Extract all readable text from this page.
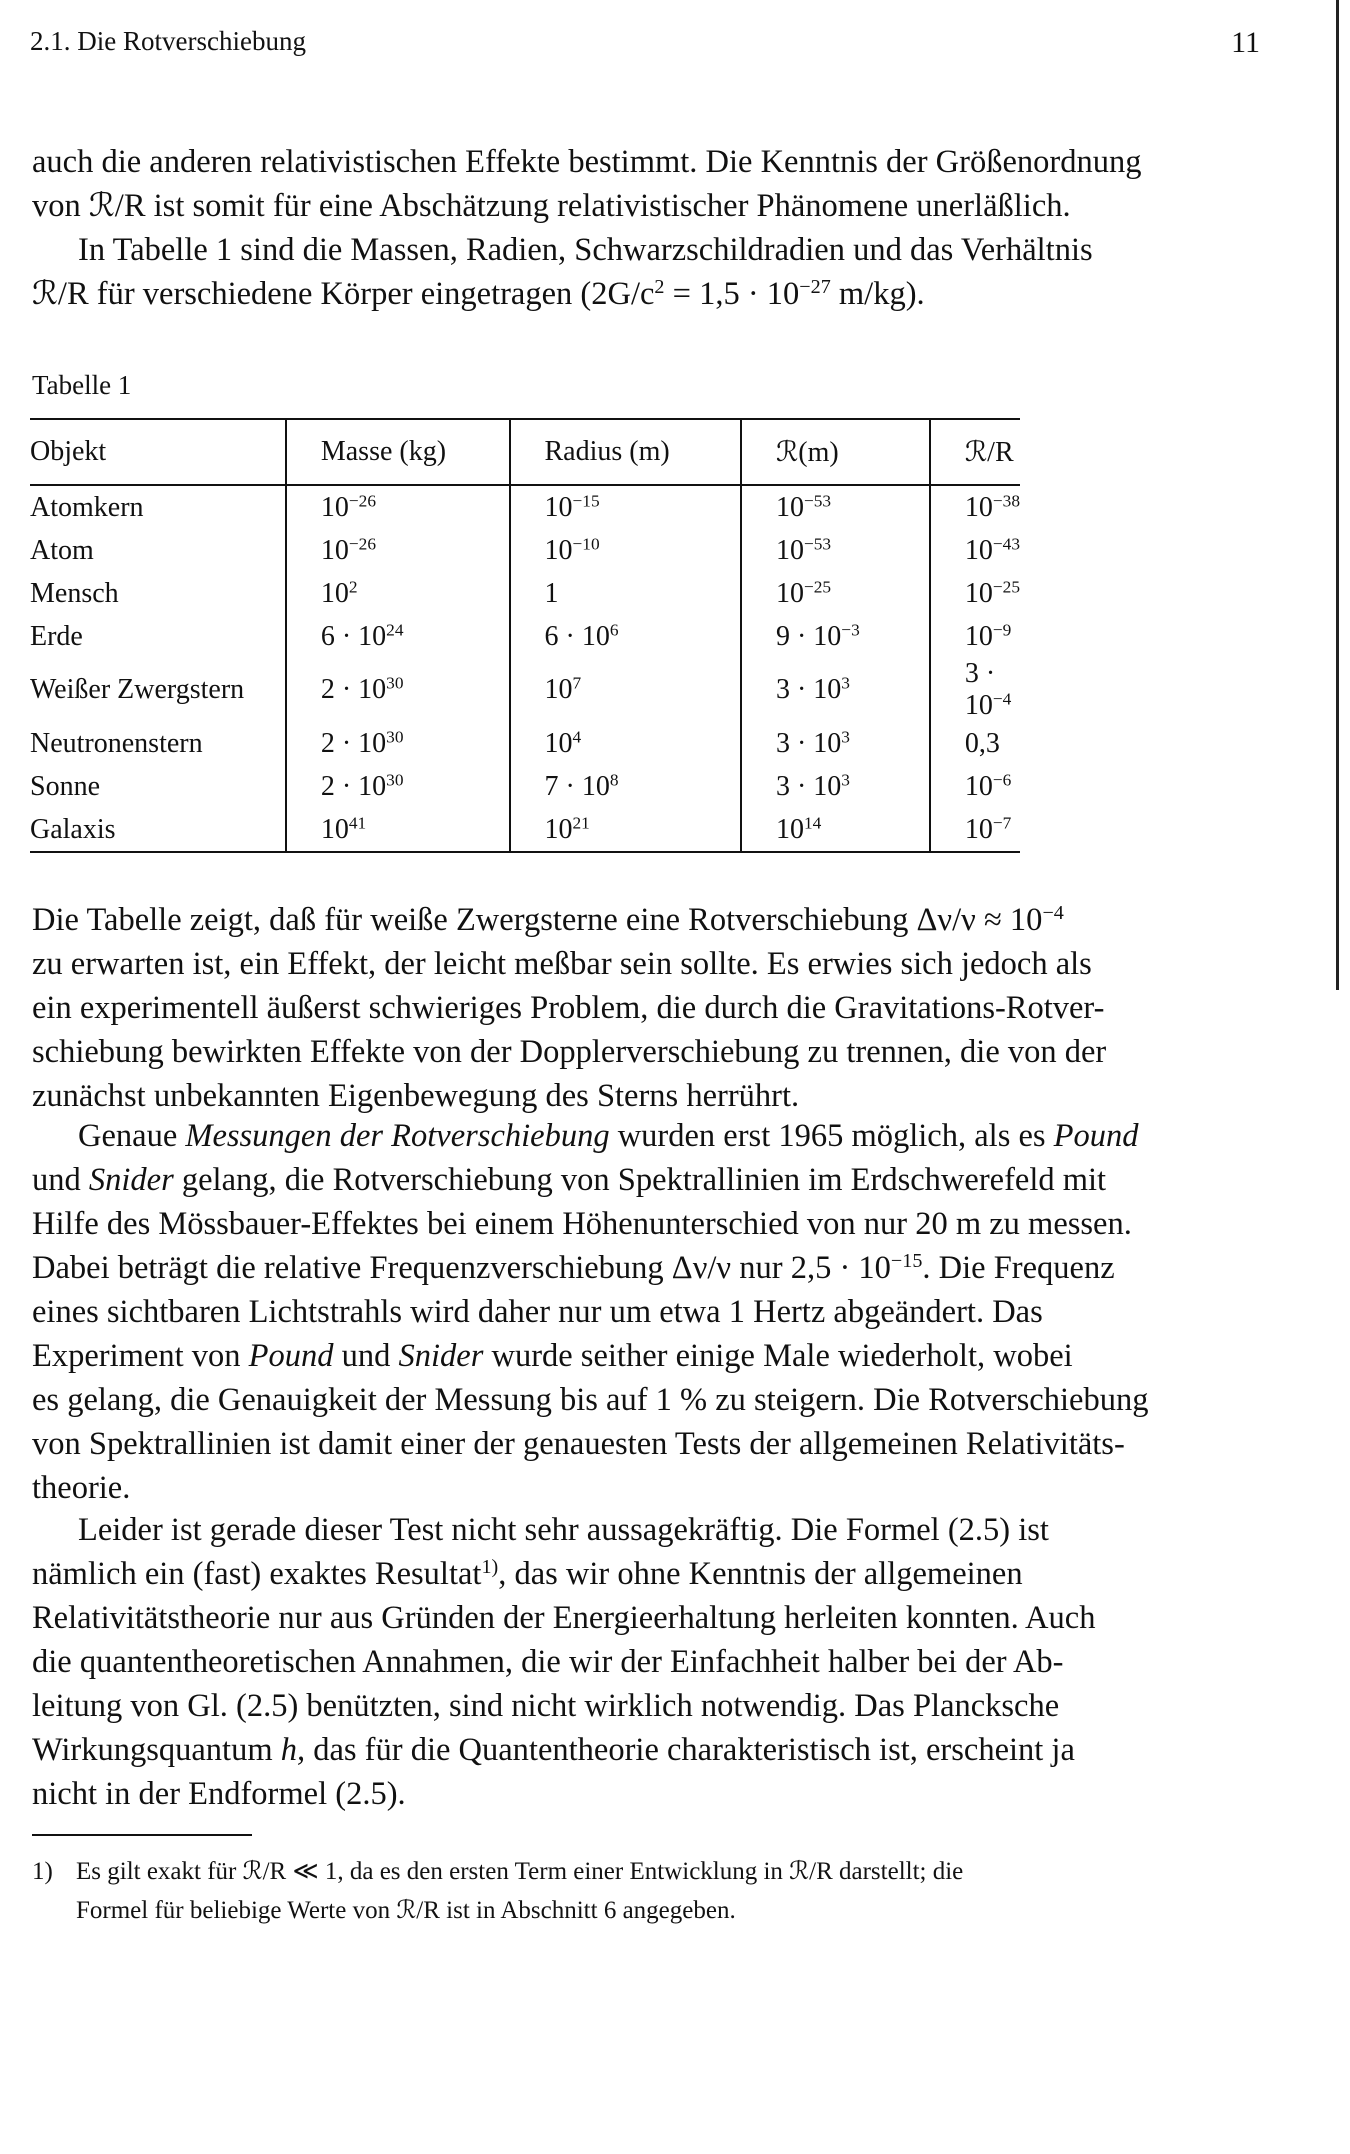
2.1. Die Rotverschiebung	11
auch die anderen relativistischen Effekte bestimmt. Die Kenntnis der Größenordnung
von ℛ/R ist somit für eine Abschätzung relativistischer Phänomene unerläßlich.
In Tabelle 1 sind die Massen, Radien, Schwarzschildradien und das Verhältnis
ℛ/R für verschiedene Körper eingetragen ($2G/c^2 = 1,5 \cdot 10^{-27}$ m/kg).
Tabelle 1
Objekt	Masse (kg)	Radius (m)	ℛ(m)	ℛ/R
Atomkern	$10^{-26}$	$10^{-15}$	$10^{-53}$	$10^{-38}$
Atom	$10^{-26}$	$10^{-10}$	$10^{-53}$	$10^{-43}$
Mensch	$10^2$	1	$10^{-25}$	$10^{-25}$
Erde	$6 \cdot 10^{24}$	$6 \cdot 10^6$	$9 \cdot 10^{-3}$	$10^{-9}$
Weißer Zwergstern	$2 \cdot 10^{30}$	$10^7$	$3 \cdot 10^3$	$3 \cdot 10^{-4}$
Neutronenstern	$2 \cdot 10^{30}$	$10^4$	$3 \cdot 10^3$	0,3
Sonne	$2 \cdot 10^{30}$	$7 \cdot 10^8$	$3 \cdot 10^3$	$10^{-6}$
Galaxis	$10^{41}$	$10^{21}$	$10^{14}$	$10^{-7}$
Die Tabelle zeigt, daß für weiße Zwergsterne eine Rotverschiebung $\Delta\nu/\nu \approx 10^{-4}$
zu erwarten ist, ein Effekt, der leicht meßbar sein sollte. Es erwies sich jedoch als
ein experimentell äußerst schwieriges Problem, die durch die Gravitations-Rotver-
schiebung bewirkten Effekte von der Dopplerverschiebung zu trennen, die von der
zunächst unbekannten Eigenbewegung des Sterns herrührt.
Genaue Messungen der Rotverschiebung wurden erst 1965 möglich, als es Pound
und Snider gelang, die Rotverschiebung von Spektrallinien im Erdschwerefeld mit
Hilfe des Mössbauer-Effektes bei einem Höhenunterschied von nur 20 m zu messen.
Dabei beträgt die relative Frequenzverschiebung Δν/ν nur $2,5 \cdot 10^{-15}$. Die Frequenz
eines sichtbaren Lichtstrahls wird daher nur um etwa 1 Hertz abgeändert. Das
Experiment von Pound und Snider wurde seither einige Male wiederholt, wobei
es gelang, die Genauigkeit der Messung bis auf 1 % zu steigern. Die Rotverschiebung
von Spektrallinien ist damit einer der genauesten Tests der allgemeinen Relativitäts-
theorie.
Leider ist gerade dieser Test nicht sehr aussagekräftig. Die Formel (2.5) ist
nämlich ein (fast) exaktes Resultat$^{1)}$, das wir ohne Kenntnis der allgemeinen
Relativitätstheorie nur aus Gründen der Energieerhaltung herleiten konnten. Auch
die quantentheoretischen Annahmen, die wir der Einfachheit halber bei der Ab-
leitung von Gl. (2.5) benützten, sind nicht wirklich notwendig. Das Plancksche
Wirkungsquantum h, das für die Quantentheorie charakteristisch ist, erscheint ja
nicht in der Endformel (2.5).
1) Es gilt exakt für ℛ/R ≪ 1, da es den ersten Term einer Entwicklung in ℛ/R darstellt; die
Formel für beliebige Werte von ℛ/R ist in Abschnitt 6 angegeben.
